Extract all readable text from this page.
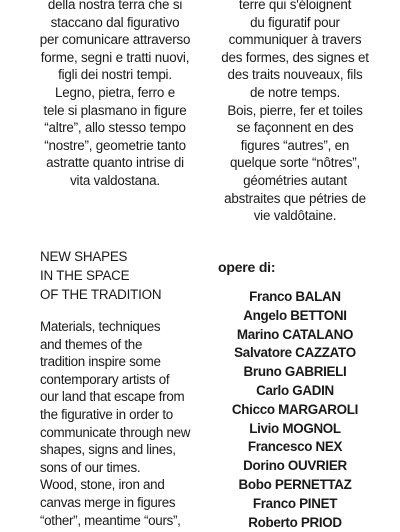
della nostra terra che si

staccano dal figurativo

per comunicare attraverso

forme, segni e tratti nuovi,

figli dei nostri tempi.

Legno, pietra, ferro e

tele si plasmano in figure

“altre”, allo stesso tempo

“nostre”, geometrie tanto

astratte quanto intrise di

vita valdostana.

terre qui s'éloignent

du figuratif pour

communiquer à travers

des formes, des signes et

des traits nouveaux, fils

de notre temps.

Bois, pierre, fer et toiles

se façonnent en des

figures “autres”, en

quelque sorte “nôtres”,

géométries autant

abstraites que pétries de

vie valdôtaine.

NEW SHAPES
IN THE SPACE
OF THE TRADITION

Materials, techniques

and themes of the

tradition inspire some

contemporary artists of

our land that escape from

the figurative in order to

communicate through new

shapes, signs and lines,

sons of our times.

Wood, stone, iron and

canvas merge in figures

“other”, meantime “ours”,

opere di:
Franco BALAN
Angelo BETTONI
Marino CATALANO
Salvatore CAZZATO
Bruno GABRIELI
Carlo GADIN
Chicco MARGAROLI
Livio MOGNOL
Francesco NEX
Dorino OUVRIER
Bobo PERNETTAZ
Franco PINET
Roberto PRIOD
